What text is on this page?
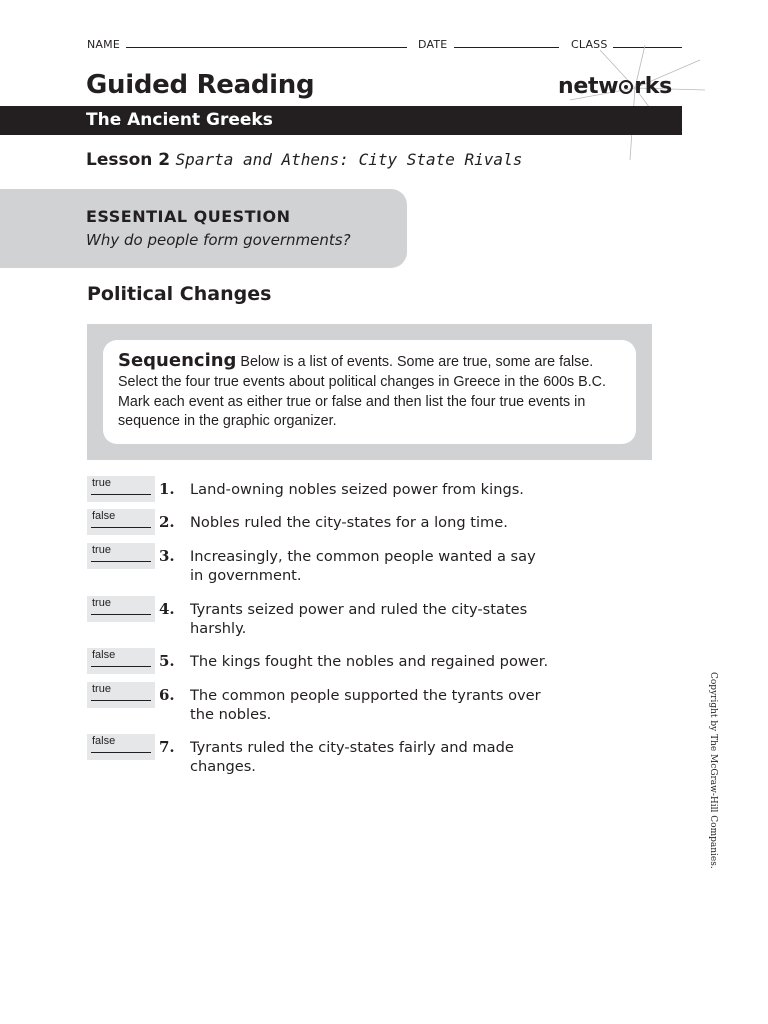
NAME	DATE	CLASS
Guided Reading	netw rks
The Ancient Greeks
Lesson 2 Sparta and Athens: City State Rivals
ESSENTIAL QUESTION
Why do people form governments?
Political Changes
Sequencing Below is a list of events. Some are true, some are false. Select the four true events about political changes in Greece in the 600s B.C. Mark each event as either true or false and then list the four true events in sequence in the graphic organizer.
true	1. Land-owning nobles seized power from kings.
false	2. Nobles ruled the city-states for a long time.
true	3. Increasingly, the common people wanted a say
in government.
true	4. Tyrants seized power and ruled the city-states
harshly.
false	5. The kings fought the nobles and regained power.
true	6. The common people supported the tyrants over
the nobles.
false	7. Tyrants ruled the city-states fairly and made
changes.	Copyright by The McGraw-Hill Companies.
